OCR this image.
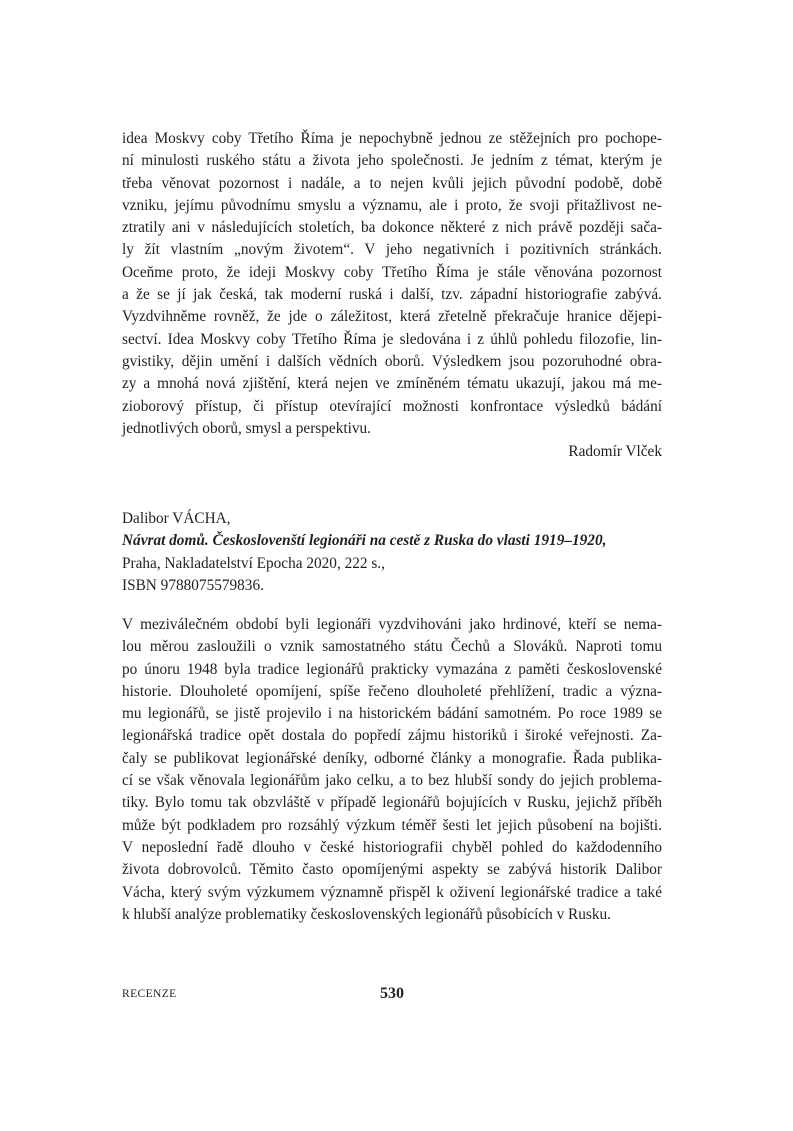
idea Moskvy coby Třetího Říma je nepochybně jednou ze stěžejních pro pochope-
ní minulosti ruského státu a života jeho společnosti. Je jedním z témat, kterým je
třeba věnovat pozornost i nadále, a to nejen kvůli jejich původní podobě, době
vzniku, jejímu původnímu smyslu a významu, ale i proto, že svoji přitažlivost ne-
ztratily ani v následujících stoletích, ba dokonce některé z nich právě později sača-
ly žít vlastním „novým životem“. V jeho negativních i pozitivních stránkách.
Oceňme proto, že ideji Moskvy coby Třetího Říma je stále věnována pozornost
a že se jí jak česká, tak moderní ruská i další, tzv. západní historiografie zabývá.
Vyzdvihněme rovněž, že jde o záležitost, která zřetelně překračuje hranice dějepi-
sectví. Idea Moskvy coby Třetího Říma je sledována i z úhlů pohledu filozofie, lin-
gvistiky, dějin umění i dalších vědních oborů. Výsledkem jsou pozoruhodné obra-
zy a mnohá nová zjištění, která nejen ve zmíněném tématu ukazují, jakou má me-
zioborový přístup, či přístup otevírající možnosti konfrontace výsledků bádání
jednotlivých oborů, smysl a perspektivu.
Radomír Vlček
Dalibor VÁCHA,
Návrat domů. Českoslovenští legionáři na cestě z Ruska do vlasti 1919–1920,
Praha, Nakladatelství Epocha 2020, 222 s.,
ISBN 9788075579836.
V meziválečném období byli legionáři vyzdvihováni jako hrdinové, kteří se nema-
lou měrou zasloužili o vznik samostatného státu Čechů a Slováků. Naproti tomu
po únoru 1948 byla tradice legionářů prakticky vymazána z paměti československé
historie. Dlouholeté opomíjení, spíše řečeno dlouholeté přehlížení, tradic a význa-
mu legionářů, se jistě projevilo i na historickém bádání samotném. Po roce 1989 se
legionářská tradice opět dostala do popředí zájmu historiků i široké veřejnosti. Za-
čaly se publikovat legionářské deníky, odborné články a monografie. Řada publika-
cí se však věnovala legionářům jako celku, a to bez hlubší sondy do jejich problema-
tiky. Bylo tomu tak obzvláště v případě legionářů bojujících v Rusku, jejichž příběh
může být podkladem pro rozsáhlý výzkum téměř šesti let jejich působení na bojišti.
V neposlední řadě dlouho v české historiografii chyběl pohled do každodenního
života dobrovolců. Těmito často opomíjenými aspekty se zabývá historik Dalibor
Vácha, který svým výzkumem významně přispěl k oživení legionářské tradice a také
k hlubší analýze problematiky československých legionářů působících v Rusku.
RECENZE	530
